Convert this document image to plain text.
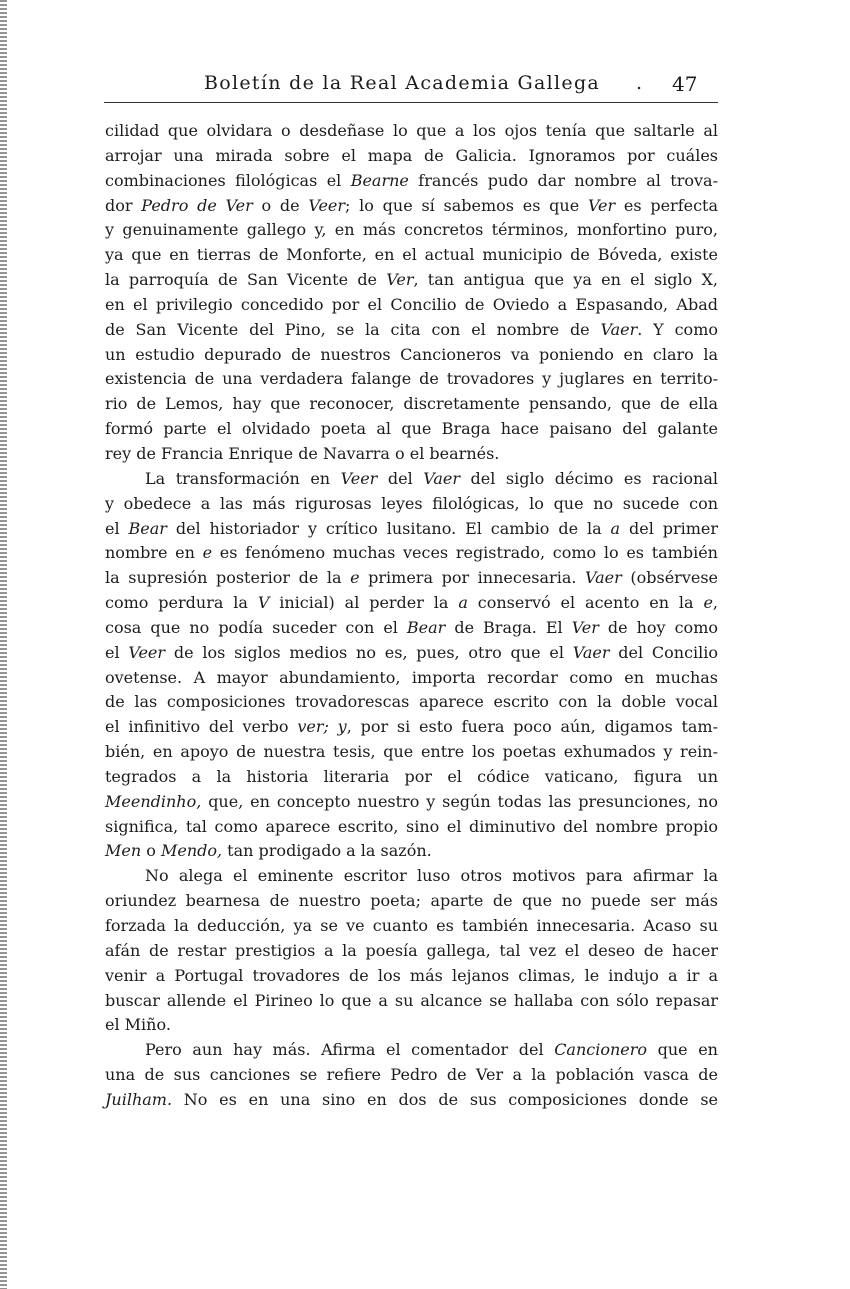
Boletín de la Real Academia Gallega . 47
cilidad que olvidara o desdeñase lo que a los ojos tenía que saltarle al
arrojar una mirada sobre el mapa de Galicia. Ignoramos por cuáles
combinaciones filológicas el Bearne francés pudo dar nombre al trova-
dor Pedro de Ver o de Veer; lo que sí sabemos es que Ver es perfecta
y genuinamente gallego y, en más concretos términos, monfortino puro,
ya que en tierras de Monforte, en el actual municipio de Bóveda, existe
la parroquía de San Vicente de Ver, tan antigua que ya en el siglo X,
en el privilegio concedido por el Concilio de Oviedo a Espasando, Abad
de San Vicente del Pino, se la cita con el nombre de Vaer. Y como
un estudio depurado de nuestros Cancioneros va poniendo en claro la
existencia de una verdadera falange de trovadores y juglares en territo-
rio de Lemos, hay que reconocer, discretamente pensando, que de ella
formó parte el olvidado poeta al que Braga hace paisano del galante
rey de Francia Enrique de Navarra o el bearnés.
La transformación en Veer del Vaer del siglo décimo es racional
y obedece a las más rigurosas leyes filológicas, lo que no sucede con
el Bear del historiador y crítico lusitano. El cambio de la a del primer
nombre en e es fenómeno muchas veces registrado, como lo es también
la supresión posterior de la e primera por innecesaria. Vaer (obsérvese
como perdura la V inicial) al perder la a conservó el acento en la e,
cosa que no podía suceder con el Bear de Braga. El Ver de hoy como
el Veer de los siglos medios no es, pues, otro que el Vaer del Concilio
ovetense. A mayor abundamiento, importa recordar como en muchas
de las composiciones trovadorescas aparece escrito con la doble vocal
el infinitivo del verbo ver; y, por si esto fuera poco aún, digamos tam-
bién, en apoyo de nuestra tesis, que entre los poetas exhumados y rein-
tegrados a la historia literaria por el códice vaticano, figura un
Meendinho, que, en concepto nuestro y según todas las presunciones, no
significa, tal como aparece escrito, sino el diminutivo del nombre propio
Men o Mendo, tan prodigado a la sazón.
No alega el eminente escritor luso otros motivos para afirmar la
oriundez bearnesa de nuestro poeta; aparte de que no puede ser más
forzada la deducción, ya se ve cuanto es también innecesaria. Acaso su
afán de restar prestigios a la poesía gallega, tal vez el deseo de hacer
venir a Portugal trovadores de los más lejanos climas, le indujo a ir a
buscar allende el Pirineo lo que a su alcance se hallaba con sólo repasar
el Miño.
Pero aun hay más. Afirma el comentador del Cancionero que en
una de sus canciones se refiere Pedro de Ver a la población vasca de
Juilham. No es en una sino en dos de sus composiciones donde se
